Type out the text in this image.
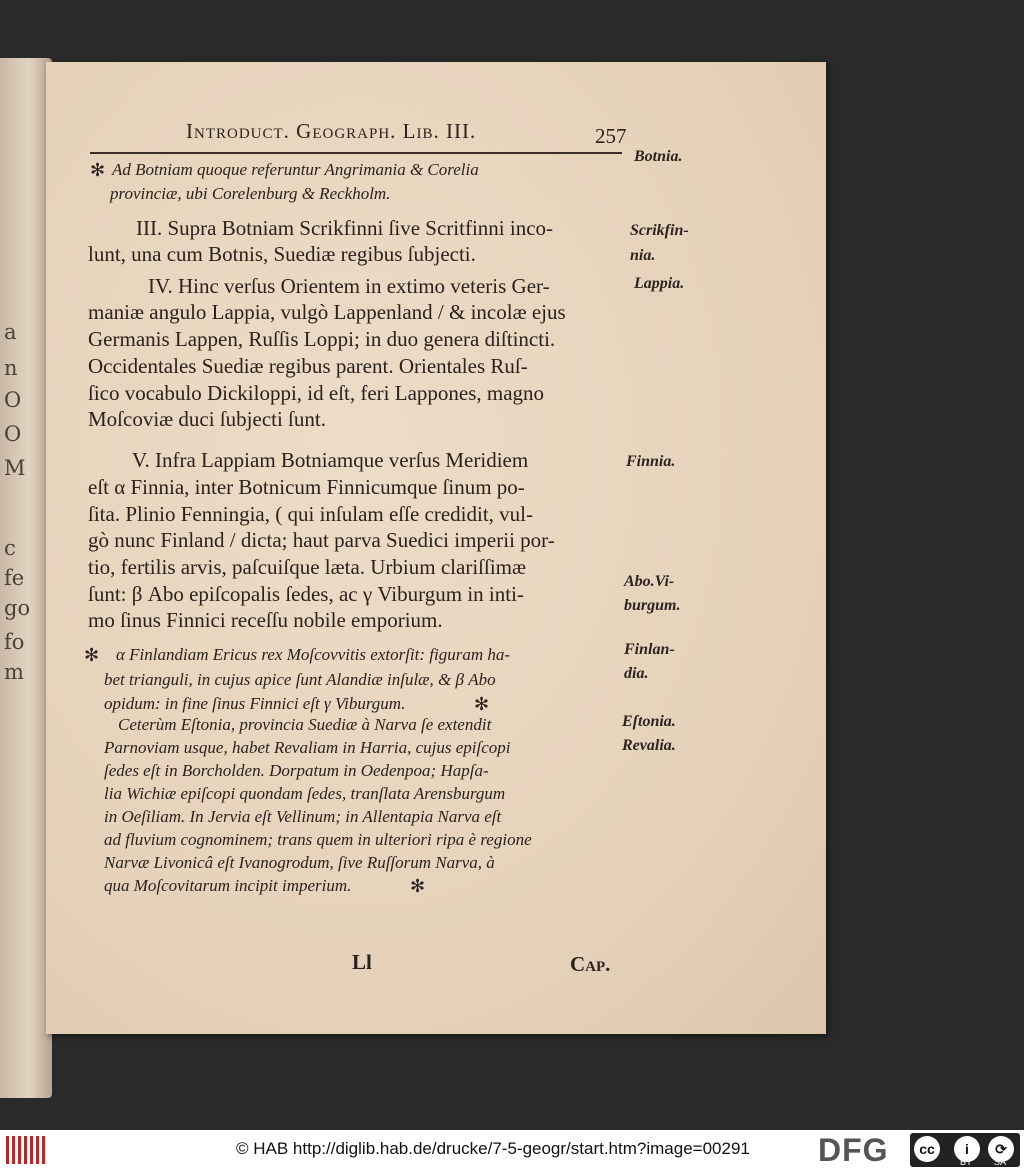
a
n
O
O
M
c
fe
go
fo
m
Introduct. Geograph. Lib. III.	257
Ad Botniam quoque referuntur Angrimania & Corelia
provinciæ, ubi Corelenburg & Reckholm.
III. Supra Botniam Scrikfinni ſive Scritfinni inco-
lunt, una cum Botnis, Suediæ regibus ſubjecti.
IV. Hinc verſus Orientem in extimo veteris Ger-
maniæ angulo Lappia, vulgò Lappenland / & incolæ ejus
Germanis Lappen, Ruſſis Loppi; in duo genera diſtincti.
Occidentales Suediæ regibus parent. Orientales Ruſ-
ſico vocabulo Dickiloppi, id eſt, feri Lappones, magno
Moſcoviæ duci ſubjecti ſunt.
V. Infra Lappiam Botniamque verſus Meridiem
eſt α Finnia, inter Botnicum Finnicumque ſinum po-
ſita. Plinio Fenningia, ( qui inſulam eſſe credidit, vul-
gò nunc Finland / dicta; haut parva Suedici imperii por-
tio, fertilis arvis, paſcuiſque læta. Urbium clariſſimæ
ſunt: β Abo epiſcopalis ſedes, ac γ Viburgum in inti-
mo ſinus Finnici receſſu nobile emporium.
α Finlandiam Ericus rex Moſcovvitis extorſit: figuram ha-
bet trianguli, in cujus apice ſunt Alandiæ inſulæ, & β Abo
opidum: in fine ſinus Finnici eſt γ Viburgum.
Ceterùm Eſtonia, provincia Suediæ à Narva ſe extendit
Parnoviam usque, habet Revaliam in Harria, cujus epiſcopi
ſedes eſt in Borcholden. Dorpatum in Oedenpoa; Hapſa-
lia Wichiæ epiſcopi quondam ſedes, tranſlata Arensburgum
in Oeſiliam. In Jervia eſt Vellinum; in Allentapia Narva eſt
ad fluvium cognominem; trans quem in ulteriori ripa è regione
Narvæ Livonicâ eſt Ivanogrodum, ſive Ruſſorum Narva, à
qua Moſcovitarum incipit imperium.
✻
✻
✻
✻
Botnia.
Scrikfin-
nia.
Lappia.
Finnia.
Abo.Vi-
burgum.
Finlan-
dia.
Eſtonia.
Revalia.
Ll	Cap.
© HAB http://diglib.hab.de/drucke/7-5-geogr/start.htm?image=00291 DFG	cc	i	⟳
BY SA
